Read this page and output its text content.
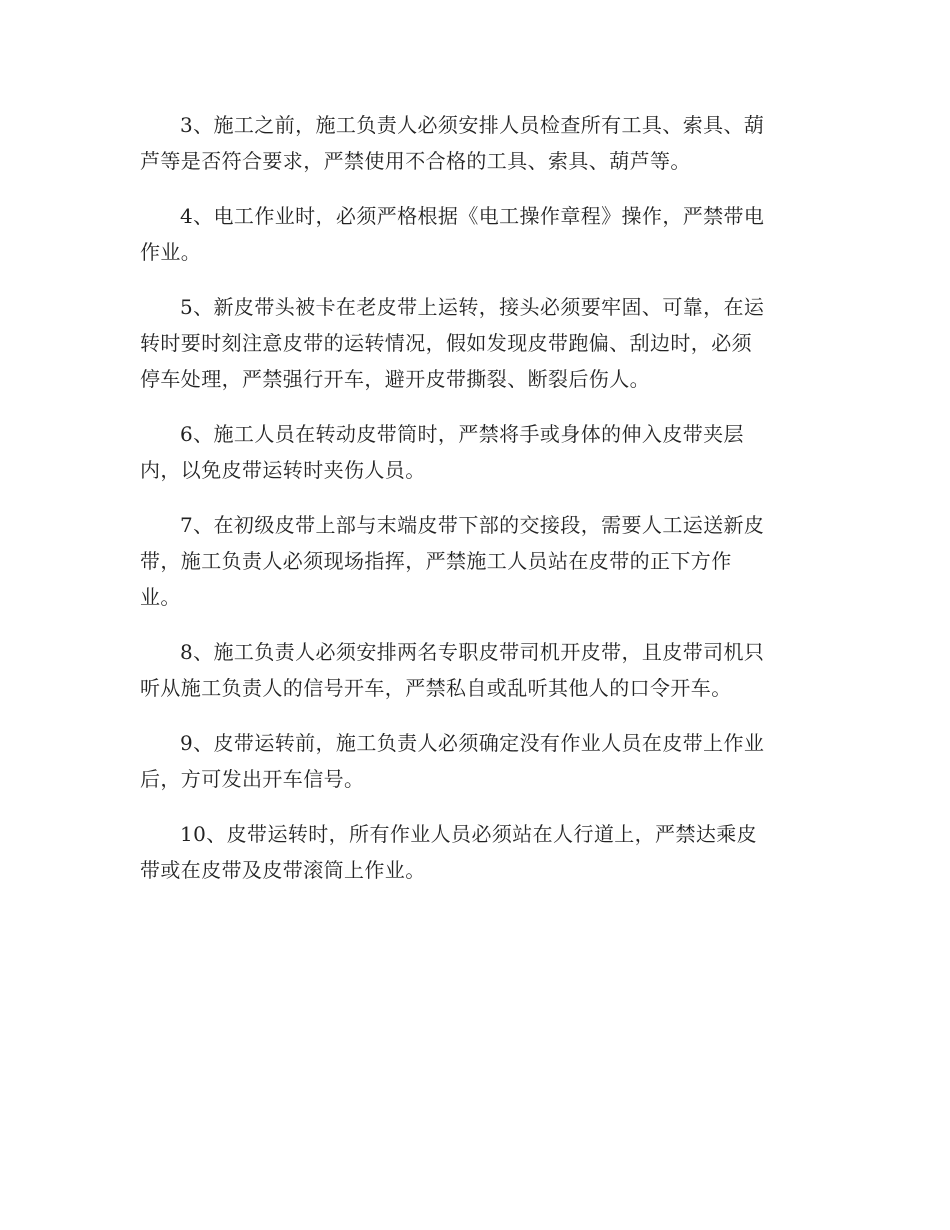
3、施工之前，施工负责人必须安排人员检查所有工具、索具、葫
芦等是否符合要求，严禁使用不合格的工具、索具、葫芦等。

4、电工作业时，必须严格根据《电工操作章程》操作，严禁带电
作业。

5、新皮带头被卡在老皮带上运转，接头必须要牢固、可靠，在运
转时要时刻注意皮带的运转情况，假如发现皮带跑偏、刮边时，必须
停车处理，严禁强行开车，避开皮带撕裂、断裂后伤人。

6、施工人员在转动皮带筒时，严禁将手或身体的伸入皮带夹层
内，以免皮带运转时夹伤人员。

7、在初级皮带上部与末端皮带下部的交接段，需要人工运送新皮
带，施工负责人必须现场指挥，严禁施工人员站在皮带的正下方作
业。

8、施工负责人必须安排两名专职皮带司机开皮带，且皮带司机只
听从施工负责人的信号开车，严禁私自或乱听其他人的口令开车。

9、皮带运转前，施工负责人必须确定没有作业人员在皮带上作业
后，方可发出开车信号。

10、皮带运转时，所有作业人员必须站在人行道上，严禁达乘皮
带或在皮带及皮带滚筒上作业。
